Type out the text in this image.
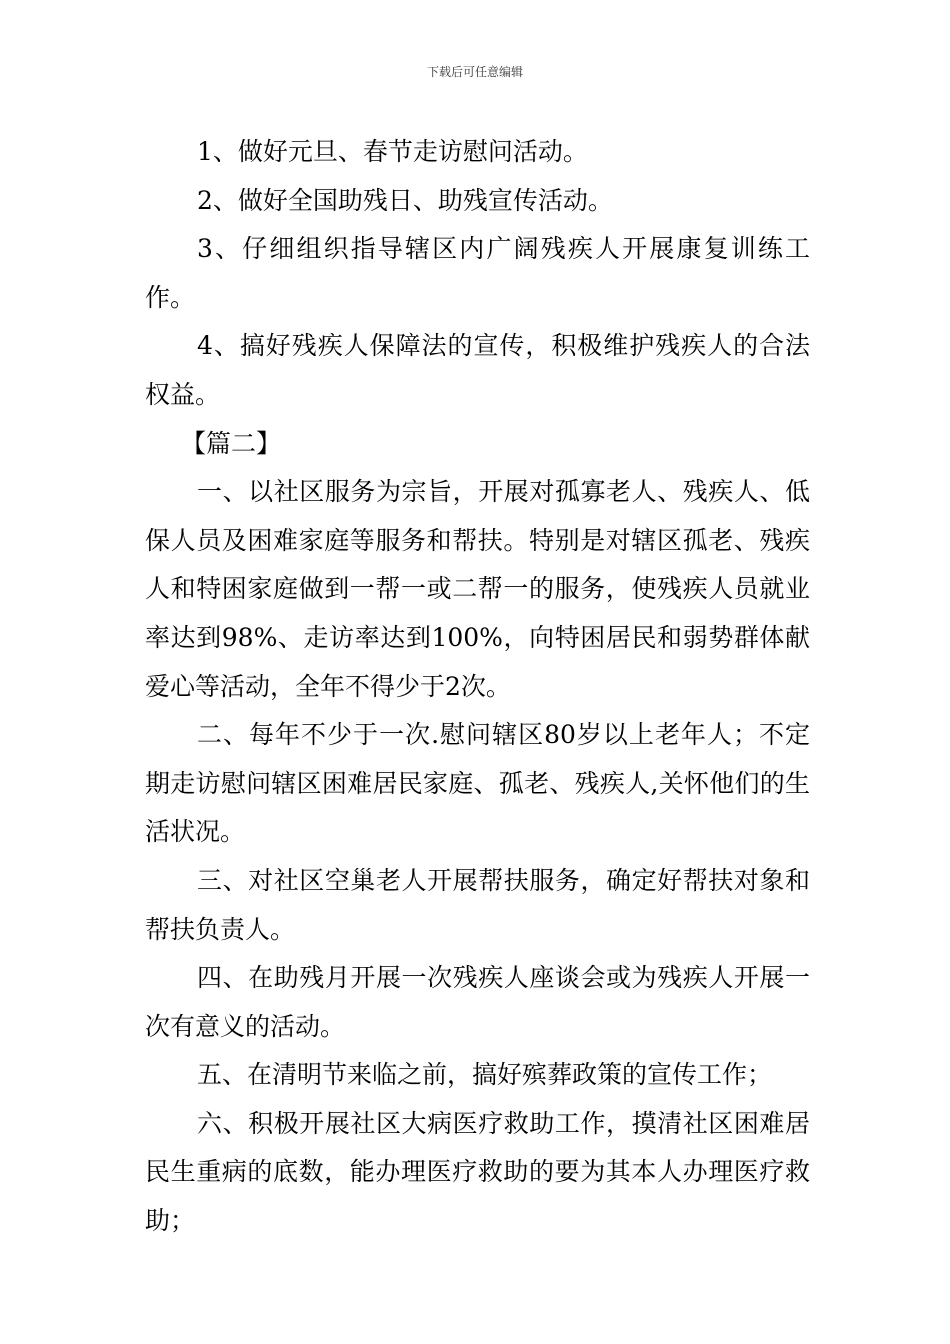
下载后可任意编辑

1、做好元旦、春节走访慰问活动。

2、做好全国助残日、助残宣传活动。

3、仔细组织指导辖区内广阔残疾人开展康复训练工作。

4、搞好残疾人保障法的宣传，积极维护残疾人的合法权益。

【篇二】

一、以社区服务为宗旨，开展对孤寡老人、残疾人、低保人员及困难家庭等服务和帮扶。特别是对辖区孤老、残疾人和特困家庭做到一帮一或二帮一的服务，使残疾人员就业率达到98%、走访率达到100%，向特困居民和弱势群体献爱心等活动，全年不得少于2次。

二、每年不少于一次.慰问辖区80岁以上老年人；不定期走访慰问辖区困难居民家庭、孤老、残疾人,关怀他们的生活状况。

三、对社区空巢老人开展帮扶服务，确定好帮扶对象和帮扶负责人。

四、在助残月开展一次残疾人座谈会或为残疾人开展一次有意义的活动。

五、在清明节来临之前，搞好殡葬政策的宣传工作；

六、积极开展社区大病医疗救助工作，摸清社区困难居民生重病的底数，能办理医疗救助的要为其本人办理医疗救助；
